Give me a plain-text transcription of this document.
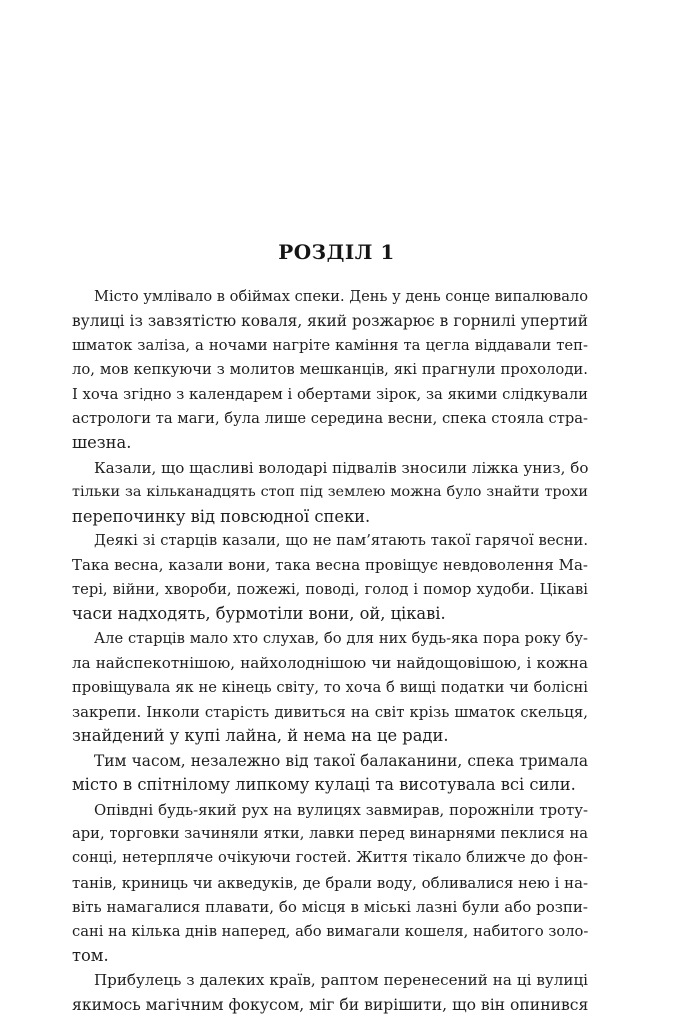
РОЗДІЛ 1

Місто умлівало в обіймах спеки. День у день сонце випалювало
вулиці із завзятістю коваля, який розжарює в горнилі упертий
шматок заліза, а ночами нагріте каміння та цегла віддавали теп-
ло, мов кепкуючи з молитов мешканців, які прагнули прохолоди.
І хоча згідно з календарем і обертами зірок, за якими слідкували
астрологи та маги, була лише середина весни, спека стояла стра-
шезна.

Казали, що щасливі володарі підвалів зносили ліжка униз, бо
тільки за кільканадцять стоп під землею можна було знайти трохи
перепочинку від повсюдної спеки.

Деякі зі старців казали, що не пам’ятають такої гарячої весни.
Така весна, казали вони, така весна провіщує невдоволення Ма-
тері, війни, хвороби, пожежі, поводі, голод і помор худоби. Цікаві
часи надходять, бурмотіли вони, ой, цікаві.

Але старців мало хто слухав, бо для них будь-яка пора року бу-
ла найспекотнішою, найхолоднішою чи найдощовішою, і кожна
провіщувала як не кінець світу, то хоча б вищі податки чи болісні
закрепи. Інколи старість дивиться на світ крізь шматок скельця,
знайдений у купі лайна, й нема на це ради.

Тим часом, незалежно від такої балаканини, спека тримала
місто в спітнілому липкому кулаці та висотувала всі сили.

Опівдні будь-який рух на вулицях завмирав, порожніли трoту-
ари, торговки зачиняли ятки, лавки перед винарнями пеклися на
сонці, нетерпляче очікуючи гостей. Життя тікало ближче до фон-
танів, криниць чи акведуків, де брали воду, обливалися нею і на-
віть намагалися плавати, бо місця в міські лазні були або розпи-
сані на кілька днів наперед, або вимагали кошеля, набитого золо-
том.

Прибулець з далеких країв, раптом перенесений на ці вулиці
якимось магічним фокусом, міг би вирішити, що він опинився
